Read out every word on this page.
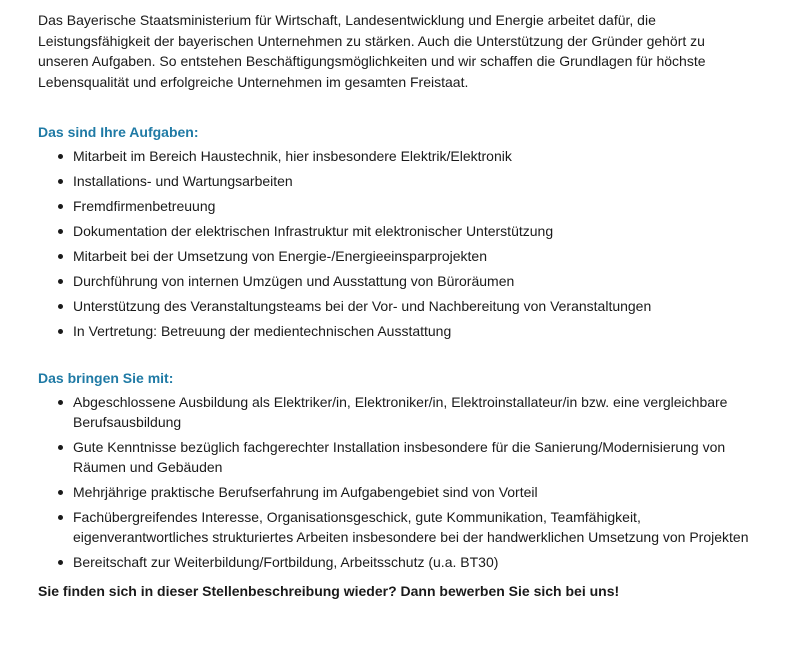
Das Bayerische Staatsministerium für Wirtschaft, Landesentwicklung und Energie arbeitet dafür, die Leistungsfähigkeit der bayerischen Unternehmen zu stärken. Auch die Unterstützung der Gründer gehört zu unseren Aufgaben. So entstehen Beschäftigungsmöglichkeiten und wir schaffen die Grundlagen für höchste Lebensqualität und erfolgreiche Unternehmen im gesamten Freistaat.

Das sind Ihre Aufgaben:
Mitarbeit im Bereich Haustechnik, hier insbesondere Elektrik/Elektronik
Installations- und Wartungsarbeiten
Fremdfirmenbetreuung
Dokumentation der elektrischen Infrastruktur mit elektronischer Unterstützung
Mitarbeit bei der Umsetzung von Energie-/Energieeinsparprojekten
Durchführung von internen Umzügen und Ausstattung von Büroräumen
Unterstützung des Veranstaltungsteams bei der Vor- und Nachbereitung von Veranstaltungen
In Vertretung: Betreuung der medientechnischen Ausstattung
Das bringen Sie mit:
Abgeschlossene Ausbildung als Elektriker/in, Elektroniker/in, Elektroinstallateur/in bzw. eine vergleichbare Berufsausbildung
Gute Kenntnisse bezüglich fachgerechter Installation insbesondere für die Sanierung/Modernisierung von Räumen und Gebäuden
Mehrjährige praktische Berufserfahrung im Aufgabengebiet sind von Vorteil
Fachübergreifendes Interesse, Organisationsgeschick, gute Kommunikation, Teamfähigkeit, eigenverantwortliches strukturiertes Arbeiten insbesondere bei der handwerklichen Umsetzung von Projekten
Bereitschaft zur Weiterbildung/Fortbildung, Arbeitsschutz (u.a. BT30)

Sie finden sich in dieser Stellenbeschreibung wieder? Dann bewerben Sie sich bei uns!
